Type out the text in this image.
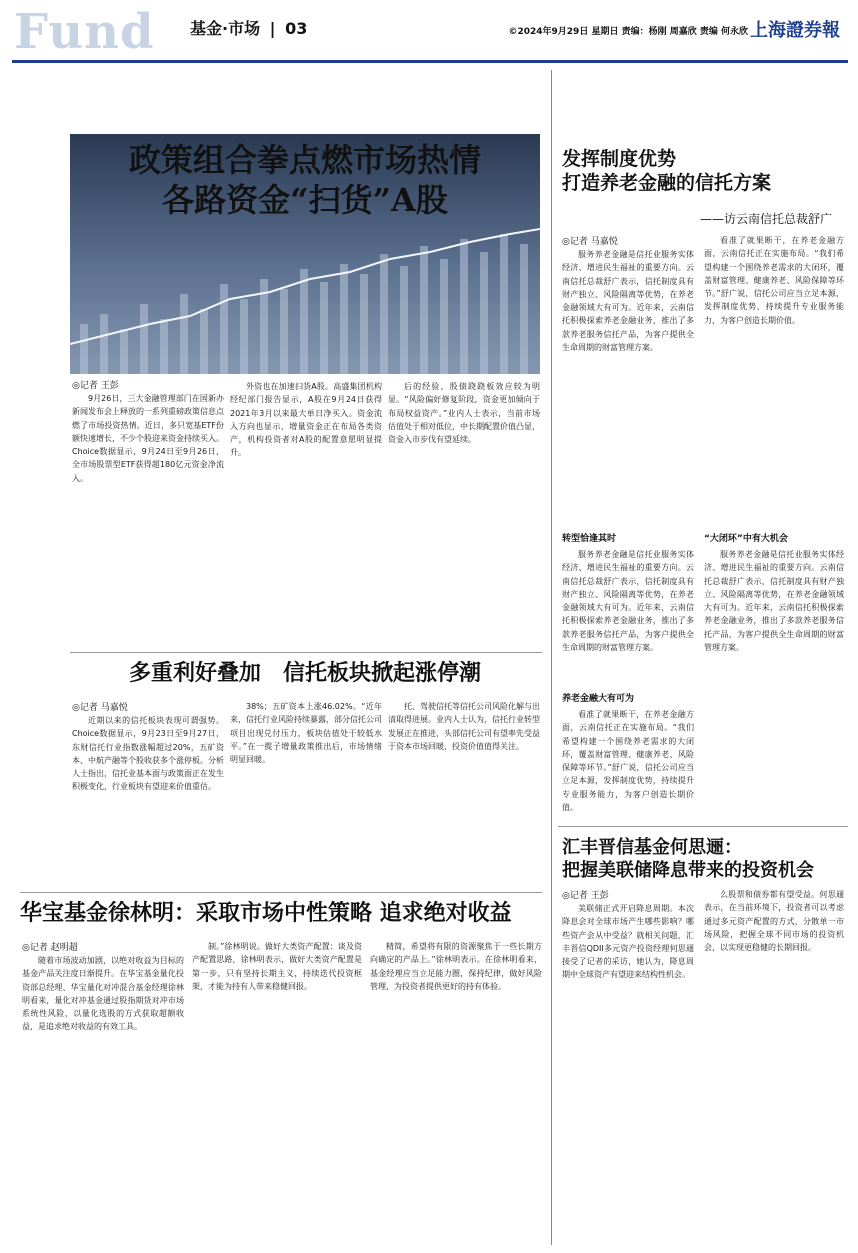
Fund 基金·市场 | 03	©2024年9月29日 星期日 责编：杨刚 周嘉欣 责编 何永欣 上海證券報
政策组合拳点燃市场热情
各路资金“扫货”A股
◎记者 王彭
9月26日，三大金融管理部门在国新办新闻发布会上释放的一系列重磅政策信息点燃了市场投资热情。近日，多只宽基ETF份额快速增长，不少个股迎来资金持续买入。Choice数据显示，9月24日至9月26日，全市场股票型ETF获得超180亿元资金净流入。
外资也在加速扫货A股。高盛集团机构经纪部门报告显示，A股在9月24日获得2021年3月以来最大单日净买入。资金流入方向也显示，增量资金正在布局各类资产，机构投资者对A股的配置意愿明显提升。
后的经验，股债跷跷板效应较为明显。“风险偏好修复阶段，资金更加倾向于布局权益资产。”业内人士表示，当前市场估值处于相对低位，中长期配置价值凸显，资金入市步伐有望延续。
多重利好叠加　信托板块掀起涨停潮
◎记者 马嘉悦
近期以来的信托板块表现可谓强势。Choice数据显示，9月23日至9月27日，东财信托行业指数涨幅超过20%，五矿资本、中航产融等个股收获多个涨停板。分析人士指出，信托业基本面与政策面正在发生积极变化，行业板块有望迎来价值重估。
38%；五矿资本上涨46.02%。“近年来，信托行业风险持续暴露，部分信托公司项目出现兑付压力，板块估值处于较低水平。”在一揽子增量政策推出后，市场情绪明显回暖。
托、驾驶信托等信托公司风险化解与出清取得进展。业内人士认为，信托行业转型发展正在推进，头部信托公司有望率先受益于资本市场回暖，投资价值值得关注。
华宝基金徐林明：采取市场中性策略 追求绝对收益
◎记者 赵明超
随着市场波动加剧，以绝对收益为目标的基金产品关注度日渐提升。在华宝基金量化投资部总经理、华宝量化对冲混合基金经理徐林明看来，量化对冲基金通过股指期货对冲市场系统性风险，以量化选股的方式获取超额收益，是追求绝对收益的有效工具。
制。”徐林明说。做好大类资产配置：谈及资产配置思路，徐林明表示，做好大类资产配置是第一步，只有坚持长期主义，持续迭代投资框架，才能为持有人带来稳健回报。
精简，希望将有限的资源聚焦于一些长期方向确定的产品上。”徐林明表示。在徐林明看来，基金经理应当立足能力圈，保持纪律，做好风险管理，为投资者提供更好的持有体验。
发挥制度优势
打造养老金融的信托方案
——访云南信托总裁舒广
◎记者 马嘉悦
服务养老金融是信托业服务实体经济、增进民生福祉的重要方向。云南信托总裁舒广表示，信托制度具有财产独立、风险隔离等优势，在养老金融领域大有可为。近年来，云南信托积极探索养老金融业务，推出了多款养老服务信托产品，为客户提供全生命周期的财富管理方案。
转型恰逢其时
服务养老金融是信托业服务实体经济、增进民生福祉的重要方向。云南信托总裁舒广表示，信托制度具有财产独立、风险隔离等优势，在养老金融领域大有可为。近年来，云南信托积极探索养老金融业务，推出了多款养老服务信托产品，为客户提供全生命周期的财富管理方案。
养老金融大有可为
看准了就果断干，在养老金融方面，云南信托正在实施布局。“我们希望构建一个围绕养老需求的大闭环，覆盖财富管理、健康养老、风险保障等环节。”舒广说，信托公司应当立足本源，发挥制度优势，持续提升专业服务能力，为客户创造长期价值。
看准了就果断干，在养老金融方面，云南信托正在实施布局。“我们希望构建一个围绕养老需求的大闭环，覆盖财富管理、健康养老、风险保障等环节。”舒广说，信托公司应当立足本源，发挥制度优势，持续提升专业服务能力，为客户创造长期价值。
“大闭环”中有大机会
服务养老金融是信托业服务实体经济、增进民生福祉的重要方向。云南信托总裁舒广表示，信托制度具有财产独立、风险隔离等优势，在养老金融领域大有可为。近年来，云南信托积极探索养老金融业务，推出了多款养老服务信托产品，为客户提供全生命周期的财富管理方案。
汇丰晋信基金何思逦：
把握美联储降息带来的投资机会
◎记者 王彭
美联储正式开启降息周期。本次降息会对全球市场产生哪些影响？哪些资产会从中受益？就相关问题，汇丰晋信QDII多元资产投资经理何思逦接受了记者的采访，她认为，降息周期中全球资产有望迎来结构性机会。
么股票和债券都有望受益。何思逦表示，在当前环境下，投资者可以考虑通过多元资产配置的方式，分散单一市场风险，把握全球不同市场的投资机会，以实现更稳健的长期回报。
